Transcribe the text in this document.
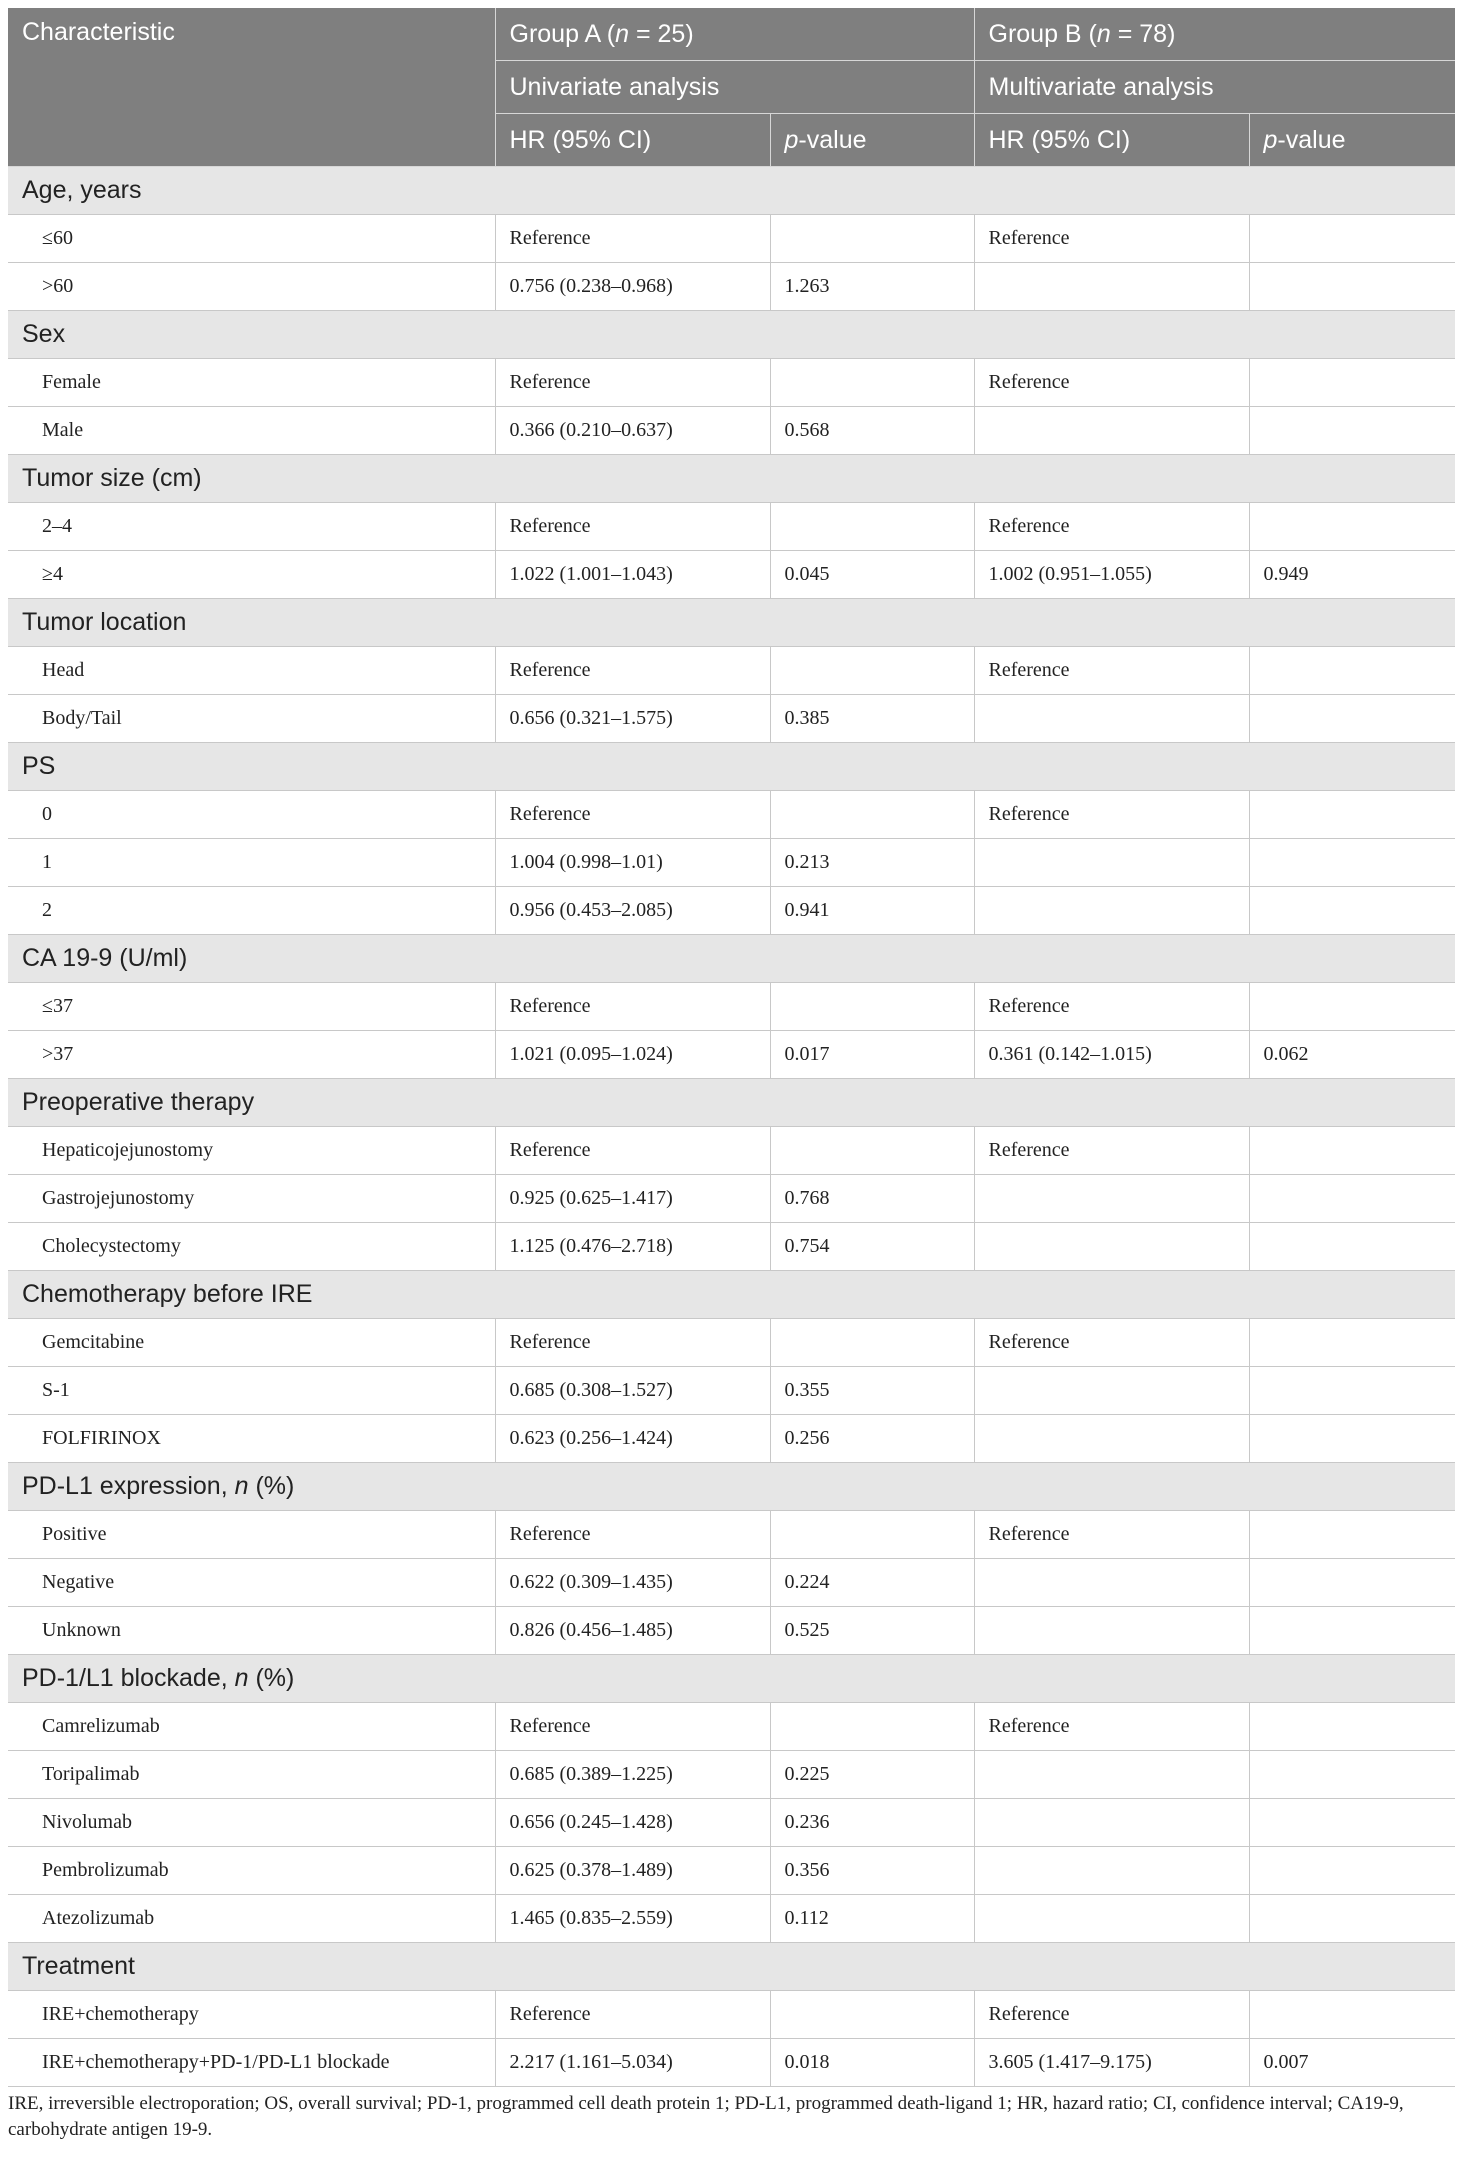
Characteristic	Group A (n = 25)		Group B (n = 78)	
	Univariate analysis		Multivariate analysis	
	HR (95% CI)	p-value	HR (95% CI)	p-value
Age, years				
≤60	Reference		Reference	
>60	0.756 (0.238–0.968)	1.263		
Sex				
Female	Reference		Reference	
Male	0.366 (0.210–0.637)	0.568		
Tumor size (cm)				
2–4	Reference		Reference	
≥4	1.022 (1.001–1.043)	0.045	1.002 (0.951–1.055)	0.949
Tumor location				
Head	Reference		Reference	
Body/Tail	0.656 (0.321–1.575)	0.385		
PS				
0	Reference		Reference	
1	1.004 (0.998–1.01)	0.213		
2	0.956 (0.453–2.085)	0.941		
CA 19-9 (U/ml)				
≤37	Reference		Reference	
>37	1.021 (0.095–1.024)	0.017	0.361 (0.142–1.015)	0.062
Preoperative therapy				
Hepaticojejunostomy	Reference		Reference	
Gastrojejunostomy	0.925 (0.625–1.417)	0.768		
Cholecystectomy	1.125 (0.476–2.718)	0.754		
Chemotherapy before IRE				
Gemcitabine	Reference		Reference	
S-1	0.685 (0.308–1.527)	0.355		
FOLFIRINOX	0.623 (0.256–1.424)	0.256		
PD-L1 expression, n (%)				
Positive	Reference		Reference	
Negative	0.622 (0.309–1.435)	0.224		
Unknown	0.826 (0.456–1.485)	0.525		
PD-1/L1 blockade, n (%)				
Camrelizumab	Reference		Reference	
Toripalimab	0.685 (0.389–1.225)	0.225		
Nivolumab	0.656 (0.245–1.428)	0.236		
Pembrolizumab	0.625 (0.378–1.489)	0.356		
Atezolizumab	1.465 (0.835–2.559)	0.112		
Treatment				
IRE+chemotherapy	Reference		Reference	
IRE+chemotherapy+PD-1/PD-L1 blockade	2.217 (1.161–5.034)	0.018	3.605 (1.417–9.175)	0.007

IRE, irreversible electroporation; OS, overall survival; PD-1, programmed cell death protein 1; PD-L1, programmed death-ligand 1; HR, hazard ratio; CI, confidence interval; CA19-9,

carbohydrate antigen 19-9.
